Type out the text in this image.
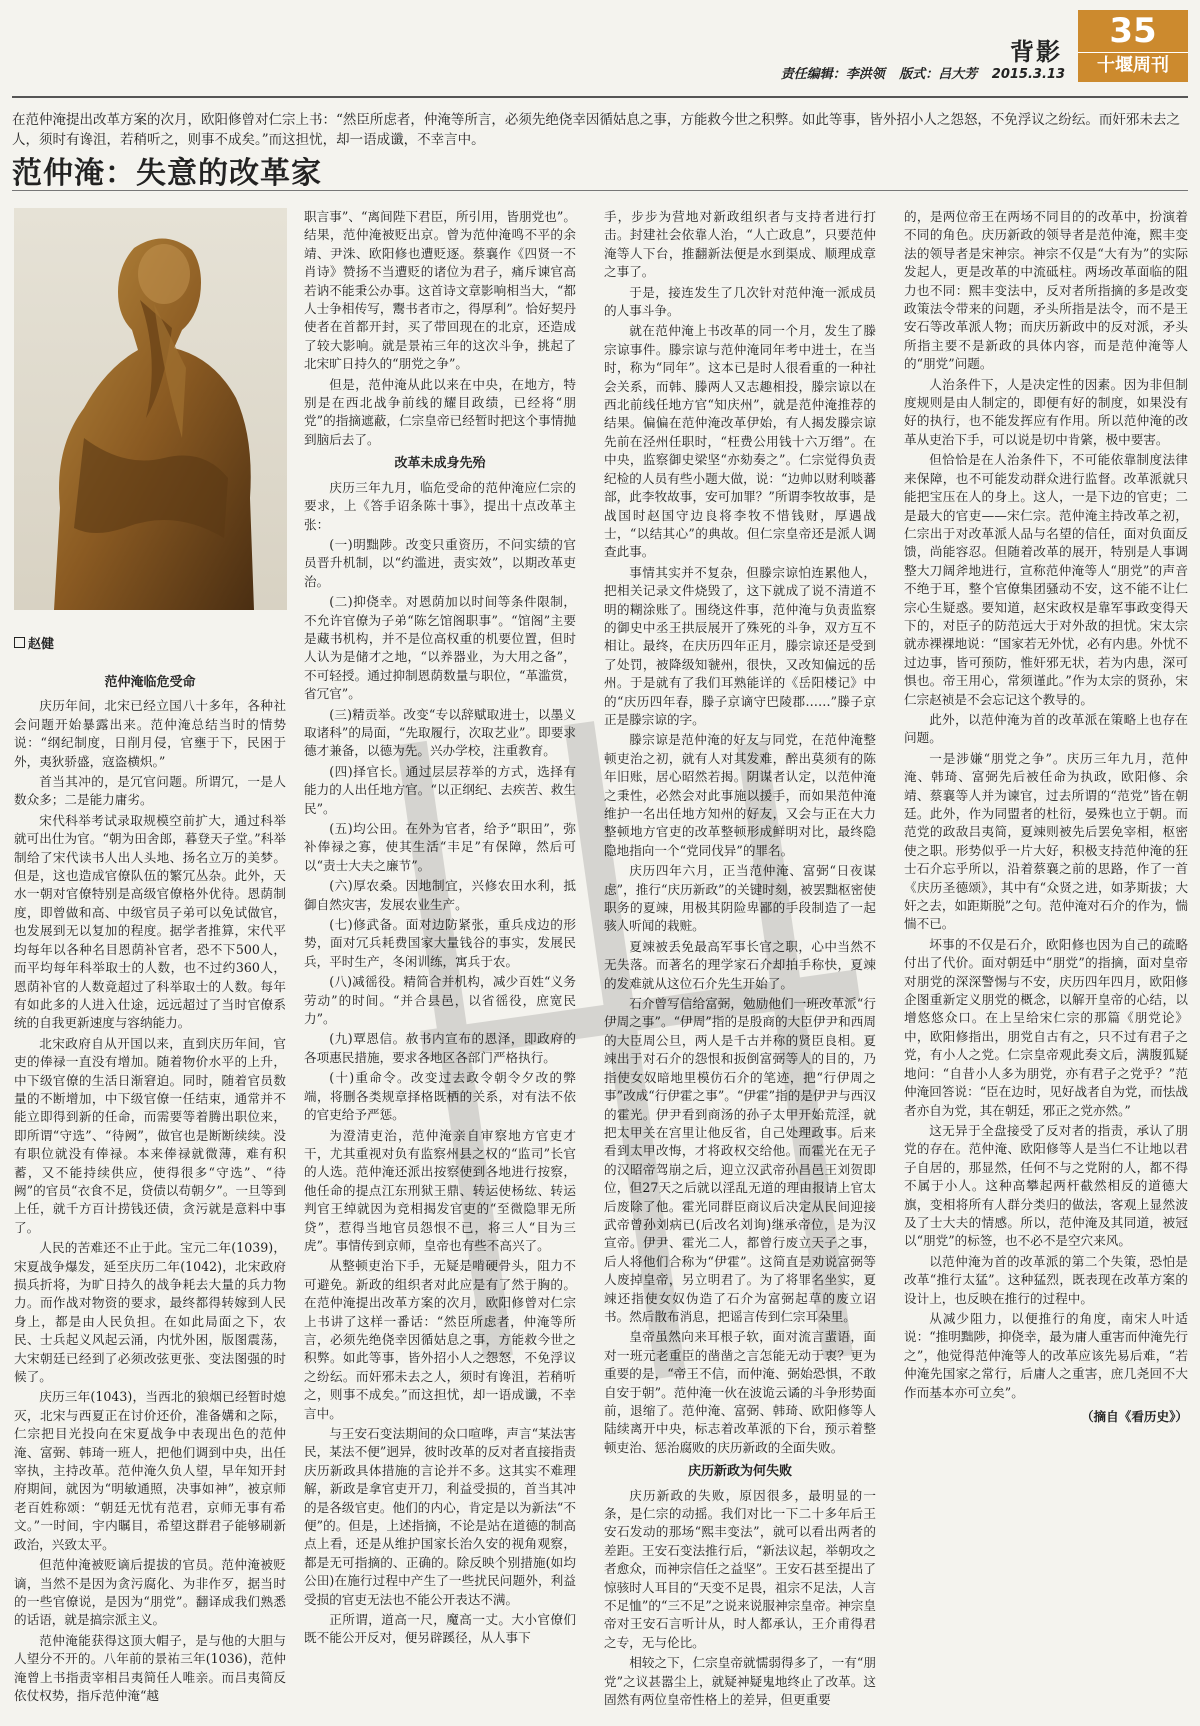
背影
35
十堰周刊
责任编辑：李洪领 版式：吕大芳 2015.3.13

在范仲淹提出改革方案的次月，欧阳修曾对仁宗上书：“然臣所虑者，仲淹等所言，必须先绝侥幸因循姑息之事，方能救今世之积弊。如此等事，皆外招小人之怨怒，不免浮议之纷纭。而奸邪未去之人，须时有谗沮，若稍听之，则事不成矣。”而这担忧，却一语成谶，不幸言中。

范仲淹：失意的改革家
赵健
范仲淹临危受命

庆历年间，北宋已经立国八十多年，各种社会问题开始暴露出来。范仲淹总结当时的情势说：“纲纪制度，日削月侵，官壅于下，民困于外，夷狄骄盛，寇盗横炽。”

首当其冲的，是冗官问题。所谓冗，一是人数众多；二是能力庸劣。

宋代科举考试录取规模空前扩大，通过科举就可出仕为官。“朝为田舍郎，暮登天子堂。”科举制给了宋代读书人出人头地、扬名立万的美梦。但是，这也造成官僚队伍的繁冗丛杂。此外，天水一朝对官僚特别是高级官僚格外优待。恩荫制度，即曾做和高、中级官员子弟可以免试做官，也发展到无以复加的程度。据学者推算，宋代平均每年以各种名目恩荫补官者，恐不下500人，而平均每年科举取士的人数，也不过约360人，恩荫补官的人数竟超过了科举取士的人数。每年有如此多的人进入仕途，远远超过了当时官僚系统的自我更新速度与容纳能力。

北宋政府自从开国以来，直到庆历年间，官吏的俸禄一直没有增加。随着物价水平的上升，中下级官僚的生活日渐窘迫。同时，随着官员数量的不断增加，中下级官僚一任结束，通常并不能立即得到新的任命，而需要等着腾出职位来，即所谓“守选”、“待阙”，做官也是断断续续。没有职位就没有俸禄。本来俸禄就微薄，难有积蓄，又不能持续供应，使得很多“守选”、“待阙”的官员“衣食不足，贷债以苟朝夕”。一旦等到上任，就千方百计捞钱还债，贪污就是意料中事了。

人民的苦难还不止于此。宝元二年(1039)，宋夏战争爆发，延至庆历二年(1042)，北宋政府损兵折将，为旷日持久的战争耗去大量的兵力物力。而作战对物资的要求，最终都得转嫁到人民身上，都是由人民负担。在如此局面之下，农民、士兵起义风起云涌，内忧外困，版图震荡，大宋朝廷已经到了必须改弦更张、变法图强的时候了。

庆历三年(1043)，当西北的狼烟已经暂时熄灭，北宋与西夏正在讨价还价，准备媾和之际，仁宗把目光投向在宋夏战争中表现出色的范仲淹、富弼、韩琦一班人，把他们调到中央，出任宰执，主持改革。范仲淹久负人望，早年知开封府期间，就因为“明敏通照，决事如神”，被京师老百姓称颂：“朝廷无忧有范君，京师无事有希文。”一时间，宇内瞩目，希望这群君子能够刷新政治，兴致太平。

但范仲淹被贬谪后提拔的官员。范仲淹被贬谪，当然不是因为贪污腐化、为非作歹，据当时的一些官僚说，是因为“朋党”。翻译成我们熟悉的话语，就是搞宗派主义。

范仲淹能获得这顶大帽子，是与他的大胆与人望分不开的。八年前的景祐三年(1036)，范仲淹曾上书指责宰相吕夷简任人唯亲。而吕夷简反依仗权势，指斥范仲淹“越

职言事”、“离间陛下君臣，所引用，皆朋党也”。结果，范仲淹被贬出京。曾为范仲淹鸣不平的余靖、尹洙、欧阳修也遭贬逐。蔡襄作《四贤一不肖诗》赞扬不当遭贬的诸位为君子，痛斥谏官高若讷不能秉公办事。这首诗文章影响相当大，“都人士争相传写，鬻书者市之，得厚利”。恰好契丹使者在首都开封，买了带回现在的北京，还造成了较大影响。就是景祐三年的这次斗争，挑起了北宋旷日持久的“朋党之争”。

但是，范仲淹从此以来在中央，在地方，特别是在西北战争前线的耀目政绩，已经将“朋党”的指摘遮蔽，仁宗皇帝已经暂时把这个事情抛到脑后去了。

改革未成身先殆

庆历三年九月，临危受命的范仲淹应仁宗的要求，上《答手诏条陈十事》，提出十点改革主张：

(一)明黜陟。改变只重资历，不问实绩的官员晋升机制，以“约滥进，责实效”，以期改革吏治。

(二)抑侥幸。对恩荫加以时间等条件限制，不允许官僚为子弟“陈乞馆阁职事”。“馆阁”主要是藏书机构，并不是位高权重的机要位置，但时人认为是储才之地，“以养器业，为大用之备”，不可轻授。通过抑制恩荫数量与职位，“革滥赏，省冗官”。

(三)精贡举。改变“专以辞赋取进士，以墨义取诸科”的局面，“先取履行，次取艺业”。即要求德才兼备，以德为先。兴办学校，注重教育。

(四)择官长。通过层层荐举的方式，选择有能力的人出任地方官。“以正纲纪、去疾苦、救生民”。

(五)均公田。在外为官者，给予“职田”，弥补俸禄之寡，使其生活“丰足”有保障，然后可以“责士大夫之廉节”。

(六)厚农桑。因地制宜，兴修农田水利，抵御自然灾害，发展农业生产。

(七)修武备。面对边防紧张，重兵戍边的形势，面对冗兵耗费国家大量钱谷的事实，发展民兵，平时生产，冬闲训练，寓兵于农。

(八)减徭役。精简合并机构，减少百姓“义务劳动”的时间。“并合县邑，以省徭役，庶宽民力”。

(九)覃恩信。赦书内宣布的恩泽，即政府的各项惠民措施，要求各地区各部门严格执行。

(十)重命令。改变过去政令朝令夕改的弊端，将删各类规章择格既栖的关系，对有法不依的官吏给予严惩。

为澄清吏治，范仲淹亲自审察地方官吏才干，尤其重视对负有监察州县之权的“监司”长官的人选。范仲淹还派出按察使到各地进行按察，他任命的提点江东刑狱王鼎、转运使杨纮、转运判官王绰就因为竞相揭发官吏的“至微隐罪无所贷”，惹得当地官员怨恨不已，将三人“目为三虎”。事情传到京师，皇帝也有些不高兴了。

从整顿吏治下手，无疑是啃硬骨头，阻力不可避免。新政的组织者对此应是有了然于胸的。在范仲淹提出改革方案的次月，欧阳修曾对仁宗上书讲了这样一番话：“然臣所虑者，仲淹等所言，必须先绝侥幸因循姑息之事，方能救今世之积弊。如此等事，皆外招小人之怨怒，不免浮议之纷纭。而奸邪未去之人，须时有谗沮，若稍听之，则事不成矣。”而这担忧，却一语成谶，不幸言中。

与王安石变法期间的众口喧哗，声言“某法害民，某法不便”迥异，彼时改革的反对者直接指责庆历新政具体措施的言论并不多。这其实不难理解，新政是拿官吏开刀，利益受损的，首当其冲的是各级官吏。他们的内心，肯定是以为新法“不便”的。但是，上述指摘，不论是站在道德的制高点上看，还是从维护国家长治久安的视角观察，都是无可指摘的、正确的。除反映个别措施(如均公田)在施行过程中产生了一些扰民问题外，利益受损的官吏无法也不能公开表达不满。

正所谓，道高一尺，魔高一丈。大小官僚们既不能公开反对，便另辟蹊径，从人事下

手，步步为营地对新政组织者与支持者进行打击。封建社会依靠人治，“人亡政息”，只要范仲淹等人下台，推翻新法便是水到渠成、顺理成章之事了。

于是，接连发生了几次针对范仲淹一派成员的人事斗争。

就在范仲淹上书改革的同一个月，发生了滕宗谅事件。滕宗谅与范仲淹同年考中进士，在当时，称为“同年”。这本已是时人很看重的一种社会关系，而韩、滕两人又志趣相投，滕宗谅以在西北前线任地方官“知庆州”，就是范仲淹推荐的结果。偏偏在范仲淹改革伊始，有人揭发滕宗谅先前在泾州任职时，“枉费公用钱十六万缗”。在中央，监察御史梁坚“亦劾奏之”。仁宗觉得负责纪检的人员有些小题大做，说：“边帅以财利啖蕃部，此李牧故事，安可加罪？”所谓李牧故事，是战国时赵国守边良将李牧不惜钱财，厚遇战士，“以结其心”的典故。但仁宗皇帝还是派人调查此事。

事情其实并不复杂，但滕宗谅怕连累他人，把相关记录文件烧毁了，这下就成了说不清道不明的糊涂账了。围绕这件事，范仲淹与负责监察的御史中丞王拱辰展开了殊死的斗争，双方互不相让。最终，在庆历四年正月，滕宗谅还是受到了处罚，被降级知虢州，很快，又改知偏远的岳州。于是就有了我们耳熟能详的《岳阳楼记》中的“庆历四年春，滕子京谪守巴陵郡……”滕子京正是滕宗谅的字。

滕宗谅是范仲淹的好友与同党，在范仲淹整顿吏治之初，就有人对其发难，醉出莫须有的陈年旧账，居心昭然若揭。阴谋者认定，以范仲淹之秉性，必然会对此事施以援手，而如果范仲淹维护一名出任地方知州的好友，又会与正在大力整顿地方官吏的改革整顿形成鲜明对比，最终隐隐地指向一个“党同伐异”的罪名。

庆历四年六月，正当范仲淹、富弼“日夜谋虑”，推行“庆历新政”的关键时刻，被罢黜枢密使职务的夏竦，用极其阴险卑鄙的手段制造了一起骇人听闻的栽赃。

夏竦被丢免最高军事长官之职，心中当然不无失落。而著名的理学家石介却拍手称快，夏竦的发难就从这位石介先生开始了。

石介曾写信给富弼，勉励他们一班改革派“行伊周之事”。“伊周”指的是殷商的大臣伊尹和西周的大臣周公旦，两人是千古并称的贤臣良相。夏竦出于对石介的怨恨和扳倒富弼等人的目的，乃指使女奴暗地里模仿石介的笔迹，把“行伊周之事”改成“行伊霍之事”。“伊霍”指的是伊尹与西汉的霍光。伊尹看到商汤的孙子太甲开始荒淫，就把太甲关在宫里让他反省，自己处理政事。后来看到太甲改悔，才将政权交给他。而霍光在无子的汉昭帝驾崩之后，迎立汉武帝孙昌邑王刘贺即位，但27天之后就以淫乱无道的理由报请上官太后废除了他。霍光同群臣商议后决定从民间迎接武帝曾孙刘病已(后改名刘询)继承帝位，是为汉宣帝。伊尹、霍光二人，都曾行废立天子之事，后人将他们合称为“伊霍”。这简直是劝说富弼等人废掉皇帝，另立明君了。为了将罪名坐实，夏竦还指使女奴伪造了石介为富弼起草的废立诏书。然后散布消息，把谣言传到仁宗耳朵里。

皇帝虽然向来耳根子软，面对流言蜚语，面对一班元老重臣的凿凿之言怎能无动于衷？更为重要的是，“帝王不信，而仲淹、弼始恐惧，不敢自安于朝”。范仲淹一伙在波诡云谲的斗争形势面前，退缩了。范仲淹、富弼、韩琦、欧阳修等人陆续离开中央，标志着改革派的下台，预示着整顿吏治、惩治腐败的庆历新政的全面失败。

庆历新政为何失败

庆历新政的失败，原因很多，最明显的一条，是仁宗的动摇。我们对比一下二十多年后王安石发动的那场“熙丰变法”，就可以看出两者的差距。王安石变法推行后，“新法议起，举朝攻之者愈众，而神宗信任之益坚”。王安石甚至提出了惊骇时人耳目的“天变不足畏，祖宗不足法，人言不足恤”的“三不足”之说来说服神宗皇帝。神宗皇帝对王安石言听计从，时人都承认，王介甫得君之专，无与伦比。

相较之下，仁宗皇帝就懦弱得多了，一有“朋党”之议甚嚣尘上，就疑神疑鬼地终止了改革。这固然有两位皇帝性格上的差异，但更重要

的，是两位帝王在两场不同目的的改革中，扮演着不同的角色。庆历新政的领导者是范仲淹，熙丰变法的领导者是宋神宗。神宗不仅是“大有为”的实际发起人，更是改革的中流砥柱。两场改革面临的阻力也不同：熙丰变法中，反对者所指摘的多是改变政策法令带来的问题，矛头所指是法令，而不是王安石等改革派人物；而庆历新政中的反对派，矛头所指主要不是新政的具体内容，而是范仲淹等人的“朋党”问题。

人治条件下，人是决定性的因素。因为非但制度规则是由人制定的，即便有好的制度，如果没有好的执行，也不能发挥应有作用。所以范仲淹的改革从吏治下手，可以说是切中肯綮，极中要害。

但恰恰是在人治条件下，不可能依靠制度法律来保障，也不可能发动群众进行监督。改革派就只能把宝压在人的身上。这人，一是下边的官吏；二是最大的官吏——宋仁宗。范仲淹主持改革之初，仁宗出于对改革派人品与名望的信任，面对负面反馈，尚能容忍。但随着改革的展开，特别是人事调整大刀阔斧地进行，宣称范仲淹等人“朋党”的声音不绝于耳，整个官僚集团骚动不安，这不能不让仁宗心生疑惑。要知道，赵宋政权是靠军事政变得天下的，对臣子的防范远大于对外敌的担忧。宋太宗就赤裸裸地说：“国家若无外忧，必有内患。外忧不过边事，皆可预防，惟奸邪无状，若为内患，深可惧也。帝王用心，常须谨此。”作为太宗的贤孙，宋仁宗赵祯是不会忘记这个教导的。

此外，以范仲淹为首的改革派在策略上也存在问题。

一是涉嫌“朋党之争”。庆历三年九月，范仲淹、韩琦、富弼先后被任命为执政，欧阳修、余靖、蔡襄等人并为谏官，过去所谓的“范党”皆在朝廷。此外，作为同盟者的杜衍，晏殊也立于朝。而范党的政敌吕夷简，夏竦则被先后罢免宰相，枢密使之职。形势似乎一片大好，积极支持范仲淹的狂士石介忘乎所以，沿着蔡襄之前的思路，作了一首《庆历圣德颂》，其中有“众贤之进，如茅斯拔；大奸之去，如距斯脱”之句。范仲淹对石介的作为，惴惴不已。

坏事的不仅是石介，欧阳修也因为自己的疏略付出了代价。面对朝廷中“朋党”的指摘，面对皇帝对朋党的深深警惕与不安，庆历四年四月，欧阳修企图重新定义朋党的概念，以解开皇帝的心结，以增悠悠众口。在上呈给宋仁宗的那篇《朋党论》中，欧阳修指出，朋党自古有之，只不过有君子之党，有小人之党。仁宗皇帝观此奏文后，满腹狐疑地问：“自昔小人多为朋党，亦有君子之党乎？”范仲淹回答说：“臣在边时，见好战者自为党，而怯战者亦自为党，其在朝廷，邪正之党亦然。”

这无异于全盘接受了反对者的指责，承认了朋党的存在。范仲淹、欧阳修等人是当仁不让地以君子自居的，那显然，任何不与之党附的人，都不得不属于小人。这种高攀起两杆截然相反的道德大旗，变相将所有人群分类归的做法，客观上显然波及了士大夫的情感。所以，范仲淹及其同道，被冠以“朋党”的标签，也不必不是空穴来风。

以范仲淹为首的改革派的第二个失策，恐怕是改革“推行太猛”。这种猛烈，既表现在改革方案的设计上，也反映在推行的过程中。

从减少阻力，以便推行的角度，南宋人叶适说：“推明黜陟，抑侥幸，最为庸人重害而仲淹先行之”，他觉得范仲淹等人的改革应该先易后难，“若仲淹先国家之常行，后庸人之重害，庶几尧回不大作而基本亦可立矣”。

（摘自《看历史》）
